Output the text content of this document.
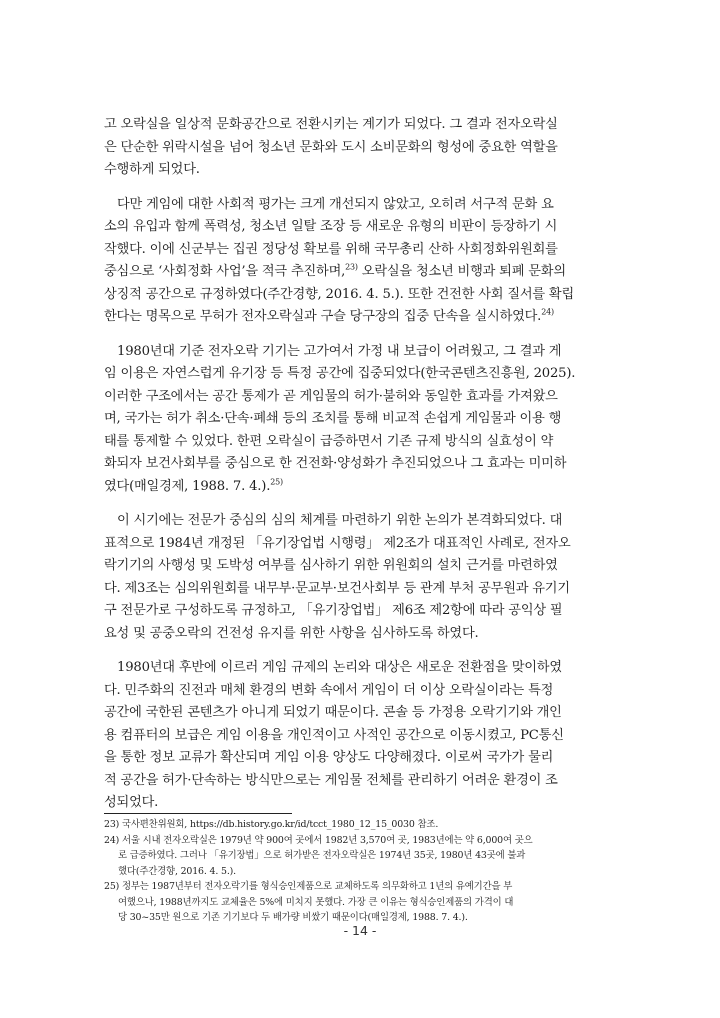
고 오락실을 일상적 문화공간으로 전환시키는 계기가 되었다. 그 결과 전자오락실
은 단순한 위락시설을 넘어 청소년 문화와 도시 소비문화의 형성에 중요한 역할을
수행하게 되었다.
다만 게임에 대한 사회적 평가는 크게 개선되지 않았고, 오히려 서구적 문화 요
소의 유입과 함께 폭력성, 청소년 일탈 조장 등 새로운 유형의 비판이 등장하기 시
작했다. 이에 신군부는 집권 정당성 확보를 위해 국무총리 산하 사회정화위원회를
중심으로 ‘사회정화 사업’을 적극 추진하며,$^{23)}$ 오락실을 청소년 비행과 퇴폐 문화의
상징적 공간으로 규정하였다(주간경향, 2016. 4. 5.). 또한 건전한 사회 질서를 확립
한다는 명목으로 무허가 전자오락실과 구슬 당구장의 집중 단속을 실시하였다.$^{24)}$
1980년대 기준 전자오락 기기는 고가여서 가정 내 보급이 어려웠고, 그 결과 게
임 이용은 자연스럽게 유기장 등 특정 공간에 집중되었다(한국콘텐츠진흥원, 2025).
이러한 구조에서는 공간 통제가 곧 게임물의 허가·불허와 동일한 효과를 가져왔으
며, 국가는 허가 취소·단속·폐쇄 등의 조치를 통해 비교적 손쉽게 게임물과 이용 행
태를 통제할 수 있었다. 한편 오락실이 급증하면서 기존 규제 방식의 실효성이 약
화되자 보건사회부를 중심으로 한 건전화·양성화가 추진되었으나 그 효과는 미미하
였다(매일경제, 1988. 7. 4.).$^{25)}$
이 시기에는 전문가 중심의 심의 체계를 마련하기 위한 논의가 본격화되었다. 대
표적으로 1984년 개정된 「유기장업법 시행령」 제2조가 대표적인 사례로, 전자오
락기기의 사행성 및 도박성 여부를 심사하기 위한 위원회의 설치 근거를 마련하였
다. 제3조는 심의위원회를 내무부·문교부·보건사회부 등 관계 부처 공무원과 유기기
구 전문가로 구성하도록 규정하고, 「유기장업법」 제6조 제2항에 따라 공익상 필
요성 및 공중오락의 건전성 유지를 위한 사항을 심사하도록 하였다.
1980년대 후반에 이르러 게임 규제의 논리와 대상은 새로운 전환점을 맞이하였
다. 민주화의 진전과 매체 환경의 변화 속에서 게임이 더 이상 오락실이라는 특정
공간에 국한된 콘텐츠가 아니게 되었기 때문이다. 콘솔 등 가정용 오락기기와 개인
용 컴퓨터의 보급은 게임 이용을 개인적이고 사적인 공간으로 이동시켰고, PC통신
을 통한 정보 교류가 확산되며 게임 이용 양상도 다양해졌다. 이로써 국가가 물리
적 공간을 허가·단속하는 방식만으로는 게임물 전체를 관리하기 어려운 환경이 조
성되었다.
23) 국사편찬위원회, https://db.history.go.kr/id/tcct_1980_12_15_0030 참조.
24) 서울 시내 전자오락실은 1979년 약 900여 곳에서 1982년 3,570여 곳, 1983년에는 약 6,000여 곳으
로 급증하였다. 그러나 「유기장법」으로 허가받은 전자오락실은 1974년 35곳, 1980년 43곳에 불과
했다(주간경향, 2016. 4. 5.).
25) 정부는 1987년부터 전자오락기를 형식승인제품으로 교체하도록 의무화하고 1년의 유예기간을 부
여했으나, 1988년까지도 교체율은 5%에 미치지 못했다. 가장 큰 이유는 형식승인제품의 가격이 대
당 30~35만 원으로 기존 기기보다 두 배가량 비쌌기 때문이다(매일경제, 1988. 7. 4.).
- 14 -
